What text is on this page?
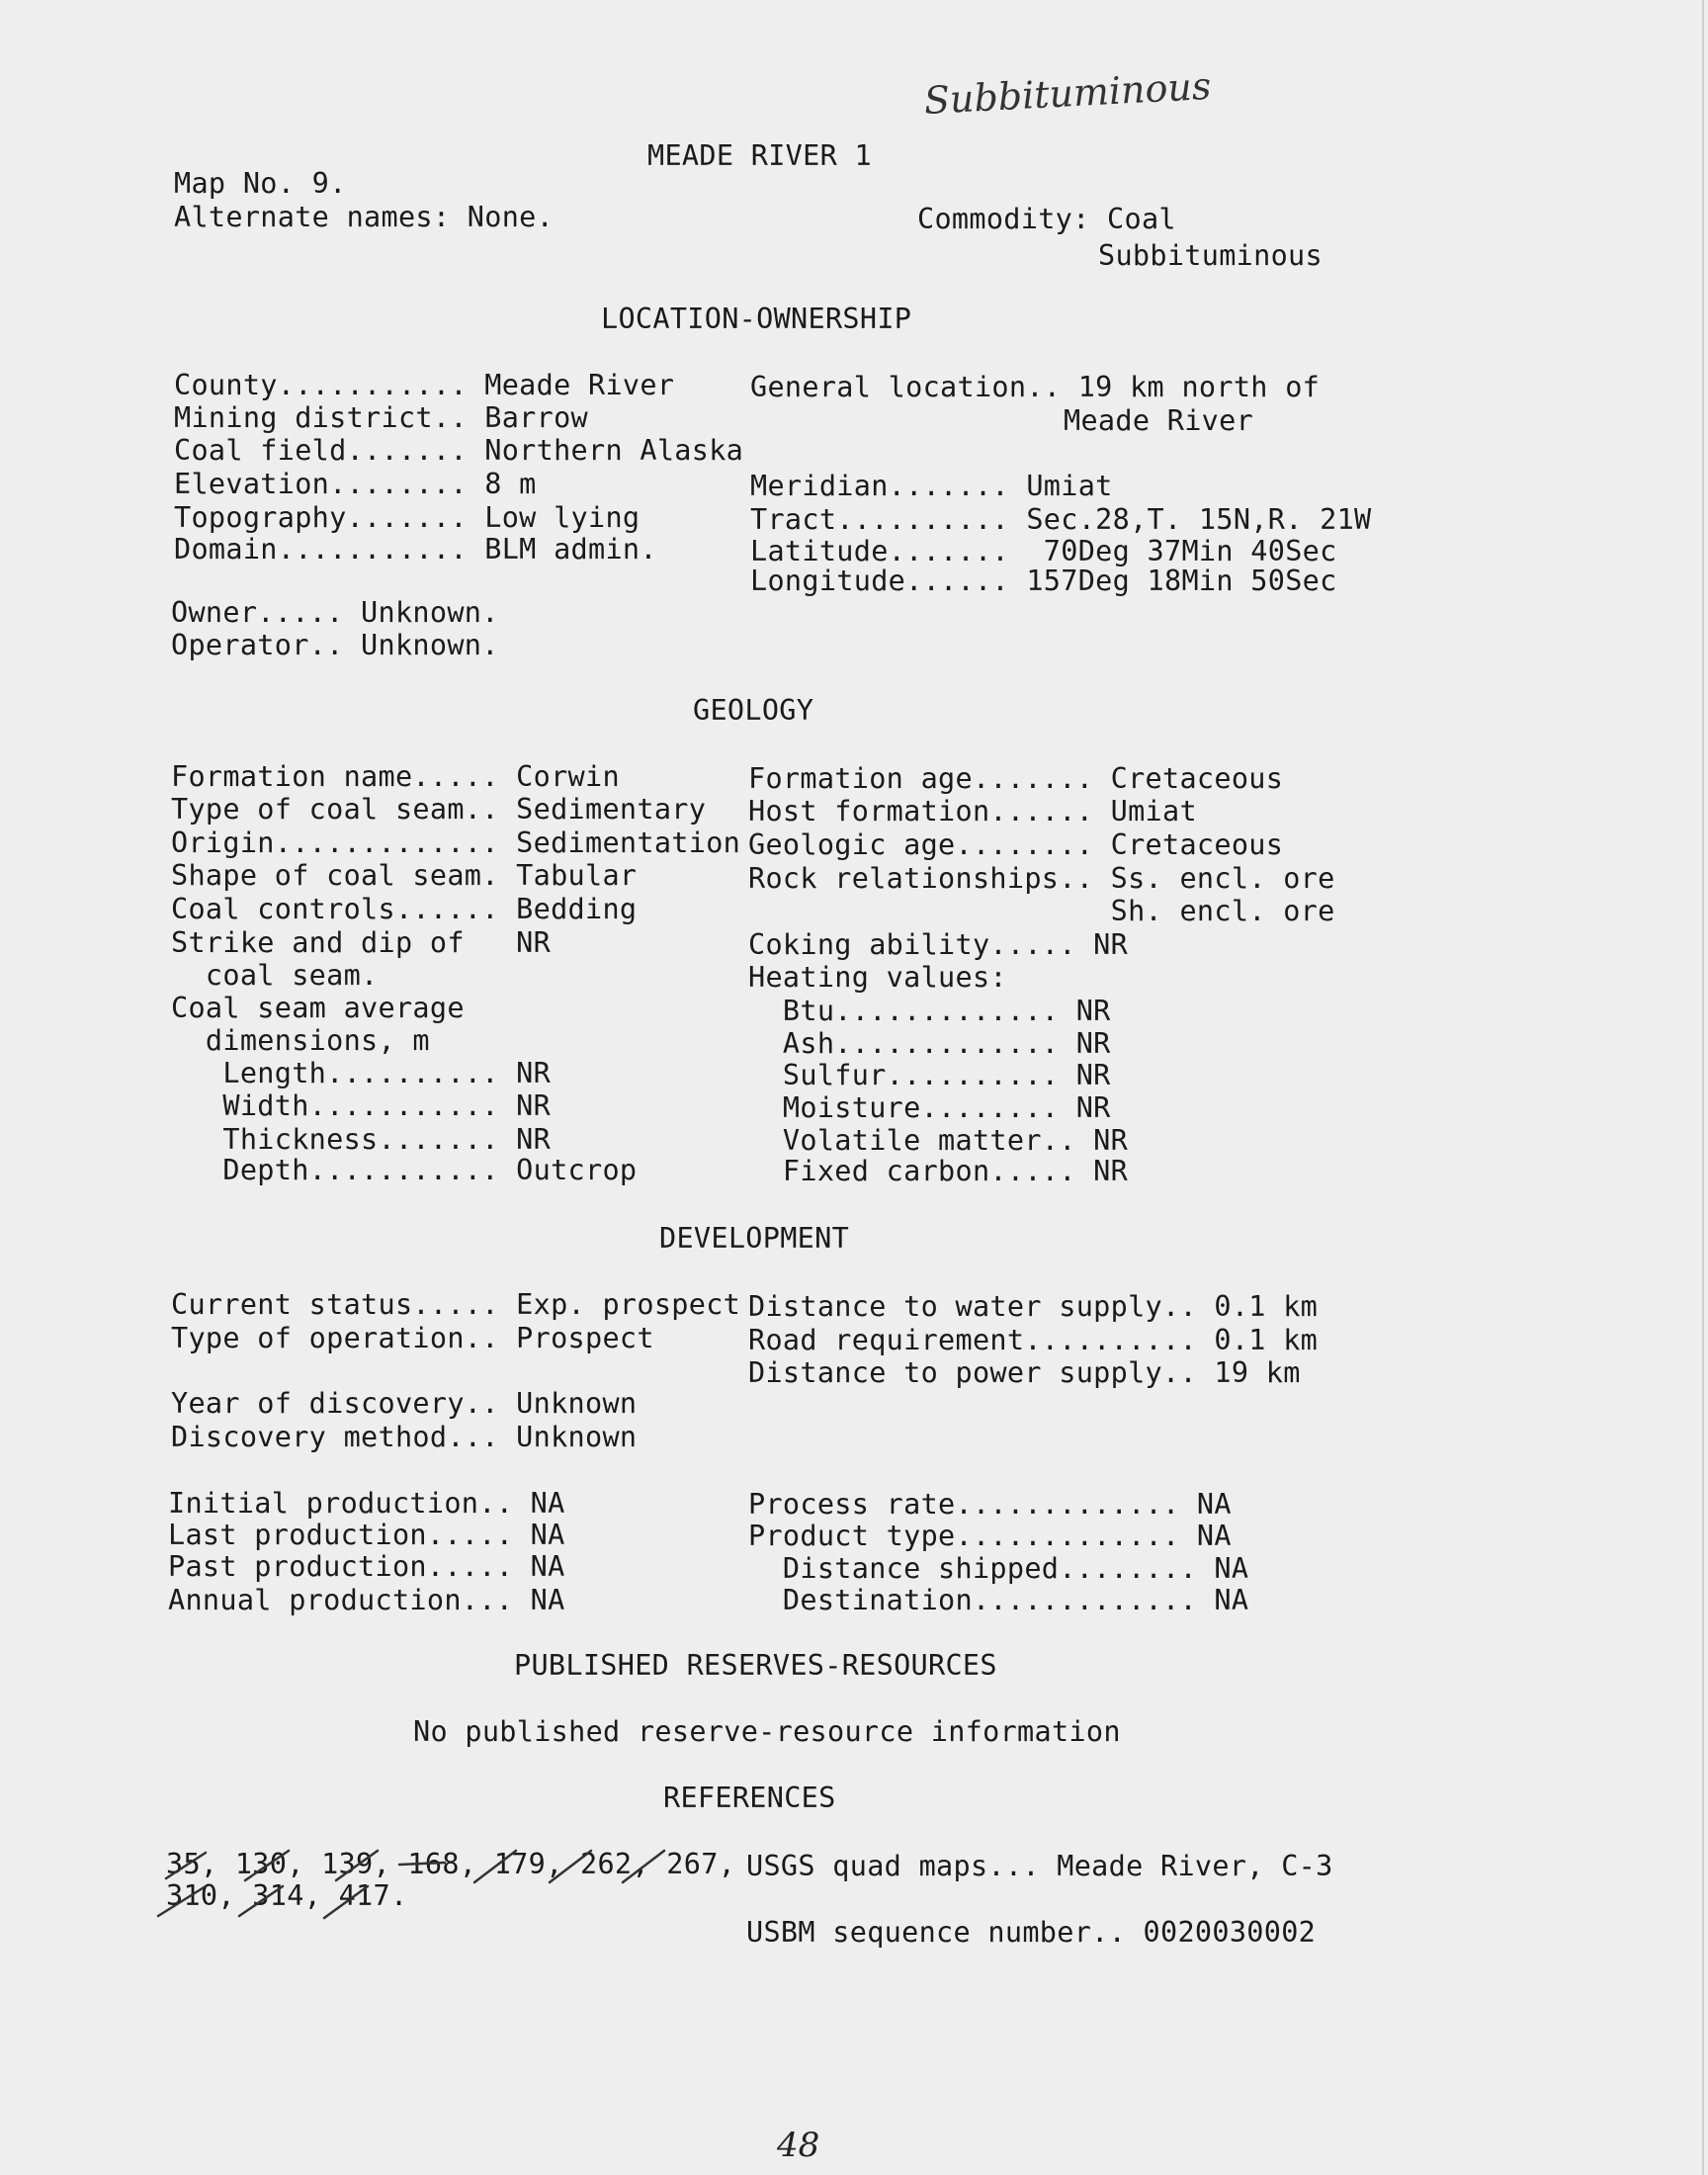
Subbituminous
MEADE RIVER 1
Map No. 9.
Alternate names: None.	Commodity: Coal
Subbituminous
LOCATION-OWNERSHIP
County........... Meade River
Mining district.. Barrow
Coal field....... Northern Alaska
Elevation........ 8 m
Topography....... Low lying
Domain........... BLM admin.
General location.. 19 km north of
Meade River
Meridian....... Umiat
Tract.......... Sec.28,T. 15N,R. 21W
Latitude.......  70Deg 37Min 40Sec
Longitude...... 157Deg 18Min 50Sec
Owner..... Unknown.
Operator.. Unknown.
GEOLOGY
Formation name..... Corwin
Type of coal seam.. Sedimentary
Origin............. Sedimentation
Shape of coal seam. Tabular
Coal controls...... Bedding
Strike and dip of   NR
coal seam.
Coal seam average
dimensions, m
Length.......... NR
Width........... NR
Thickness....... NR
Depth........... Outcrop
Formation age....... Cretaceous
Host formation...... Umiat
Geologic age........ Cretaceous
Rock relationships.. Ss. encl. ore
Sh. encl. ore
Coking ability..... NR
Heating values:
Btu............. NR
Ash............. NR
Sulfur.......... NR
Moisture........ NR
Volatile matter.. NR
Fixed carbon..... NR
DEVELOPMENT
Current status..... Exp. prospect
Type of operation.. Prospect
Year of discovery.. Unknown
Discovery method... Unknown
Distance to water supply.. 0.1 km
Road requirement.......... 0.1 km
Distance to power supply.. 19 km
Initial production.. NA
Last production..... NA
Past production..... NA
Annual production... NA
Process rate............. NA
Product type............. NA
Distance shipped........ NA
Destination............. NA
PUBLISHED RESERVES-RESOURCES
No published reserve-resource information
REFERENCES
35, 130, 139, 168, 179, 262, 267,
310, 314, 417.
USGS quad maps... Meade River, C-3
USBM sequence number.. 0020030002
48
